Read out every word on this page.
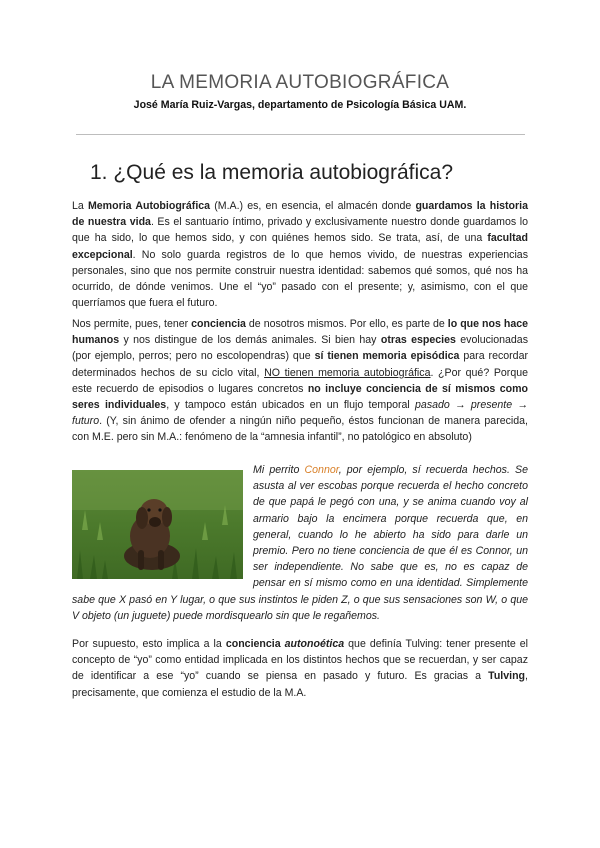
LA MEMORIA AUTOBIOGRÁFICA
José María Ruiz-Vargas, departamento de Psicología Básica UAM.
1. ¿Qué es la memoria autobiográfica?
La Memoria Autobiográfica (M.A.) es, en esencia, el almacén donde guardamos la historia de nuestra vida. Es el santuario íntimo, privado y exclusivamente nuestro donde guardamos lo que ha sido, lo que hemos sido, y con quiénes hemos sido. Se trata, así, de una facultad excepcional. No solo guarda registros de lo que hemos vivido, de nuestras experiencias personales, sino que nos permite construir nuestra identidad: sabemos qué somos, qué nos ha ocurrido, de dónde venimos. Une el “yo” pasado con el presente; y, asimismo, con el que querríamos que fuera el futuro.
Nos permite, pues, tener conciencia de nosotros mismos. Por ello, es parte de lo que nos hace humanos y nos distingue de los demás animales. Si bien hay otras especies evolucionadas (por ejemplo, perros; pero no escolopendras) que sí tienen memoria episódica para recordar determinados hechos de su ciclo vital, NO tienen memoria autobiográfica. ¿Por qué? Porque este recuerdo de episodios o lugares concretos no incluye conciencia de sí mismos como seres individuales, y tampoco están ubicados en un flujo temporal pasado → presente → futuro. (Y, sin ánimo de ofender a ningún niño pequeño, éstos funcionan de manera parecida, con M.E. pero sin M.A.: fenómeno de la “amnesia infantil”, no patológico en absoluto)
Mi perrito Connor, por ejemplo, sí recuerda hechos. Se asusta al ver escobas porque recuerda el hecho concreto de que papá le pegó con una, y se anima cuando voy al armario bajo la encimera porque recuerda que, en general, cuando lo he abierto ha sido para darle un premio. Pero no tiene conciencia de que él es Connor, un ser independiente. No sabe que es, no es capaz de pensar en sí mismo como en una identidad. Simplemente sabe que X pasó en Y lugar, o que sus instintos le piden Z, o que sus sensaciones son W, o que V objeto (un juguete) puede mordisquearlo sin que le regañemos.
Por supuesto, esto implica a la conciencia autonoética que definía Tulving: tener presente el concepto de “yo” como entidad implicada en los distintos hechos que se recuerdan, y ser capaz de identificar a ese “yo” cuando se piensa en pasado y futuro. Es gracias a Tulving, precisamente, que comienza el estudio de la M.A.
